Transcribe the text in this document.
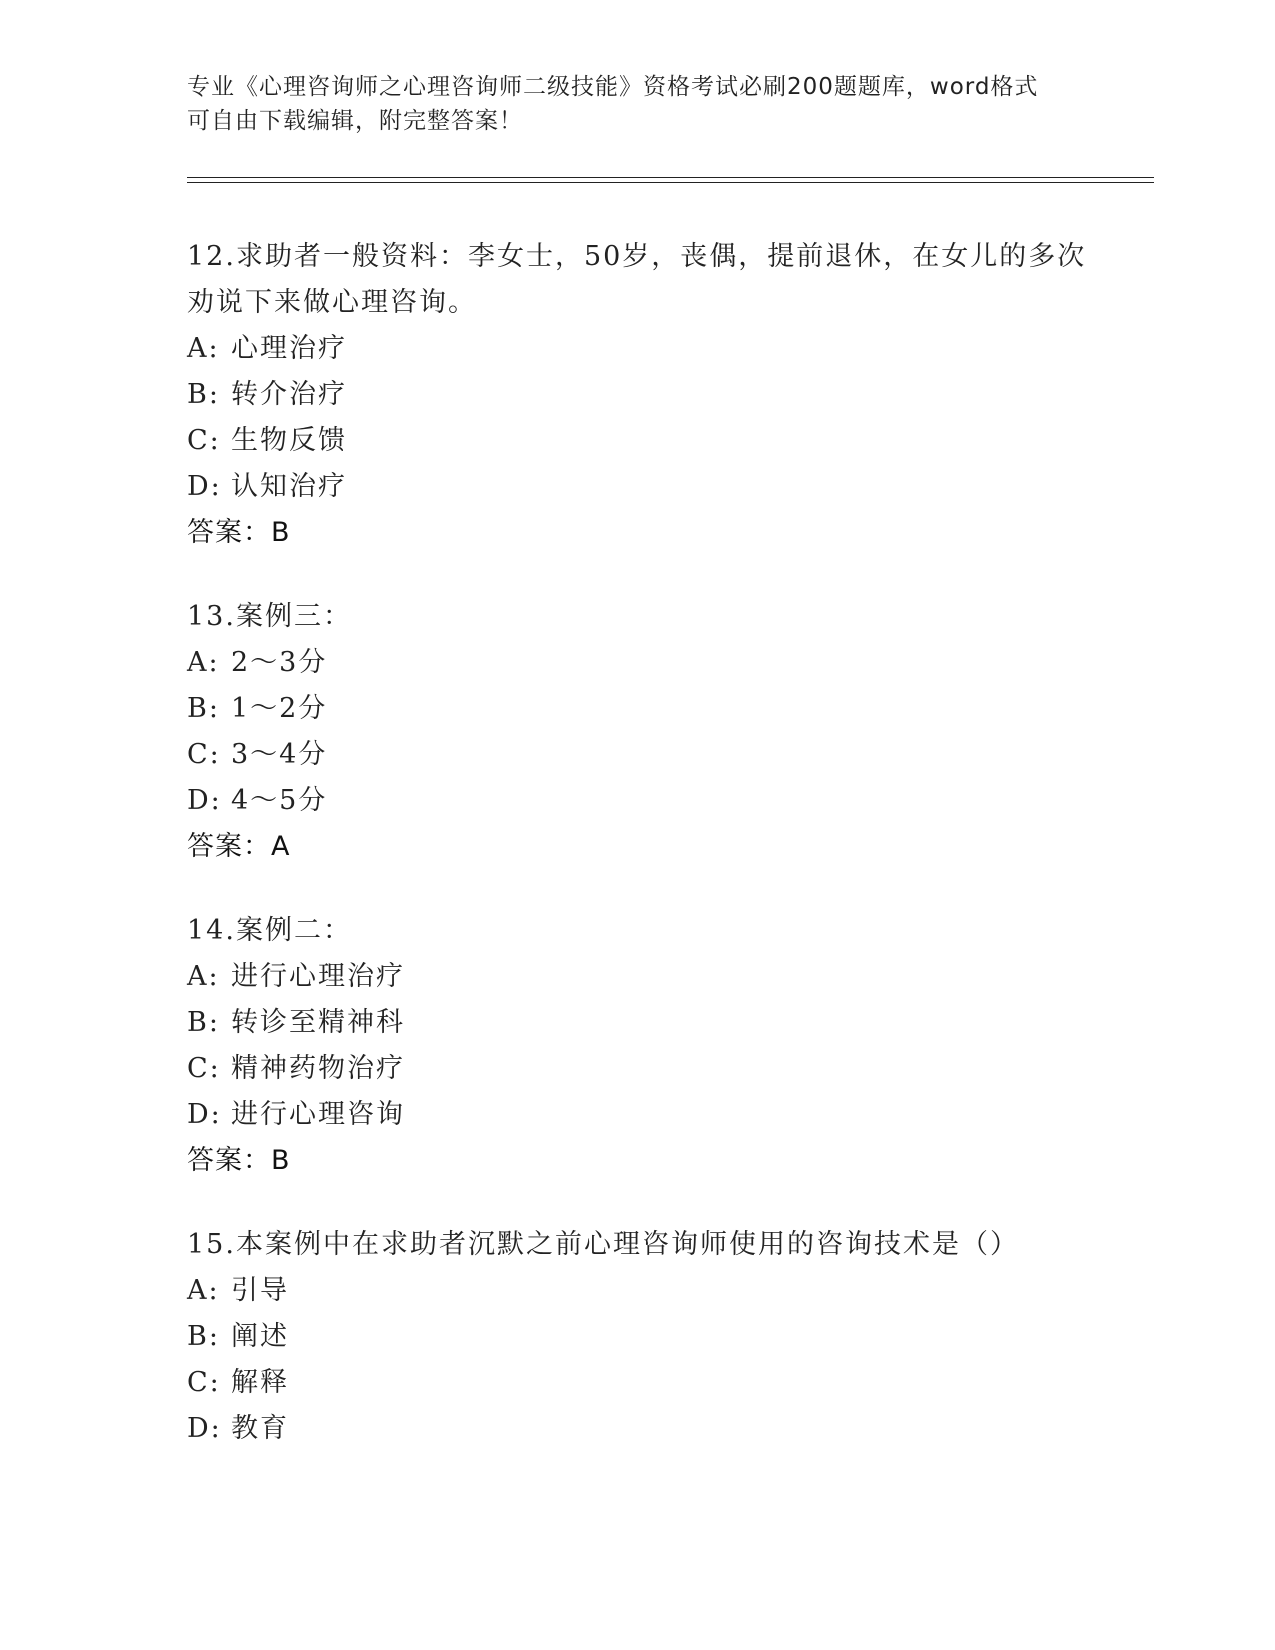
专业《心理咨询师之心理咨询师二级技能》资格考试必刷200题题库，word格式
可自由下载编辑，附完整答案！
12.求助者一般资料：李女士，50岁，丧偶，提前退休，在女儿的多次劝说下来做心理咨询。
A: 心理治疗
B: 转介治疗
C: 生物反馈
D: 认知治疗
答案：B
13.案例三：
A: 2～3分
B: 1～2分
C: 3～4分
D: 4～5分
答案：A
14.案例二：
A: 进行心理治疗
B: 转诊至精神科
C: 精神药物治疗
D: 进行心理咨询
答案：B
15.本案例中在求助者沉默之前心理咨询师使用的咨询技术是（）
A: 引导
B: 阐述
C: 解释
D: 教育
